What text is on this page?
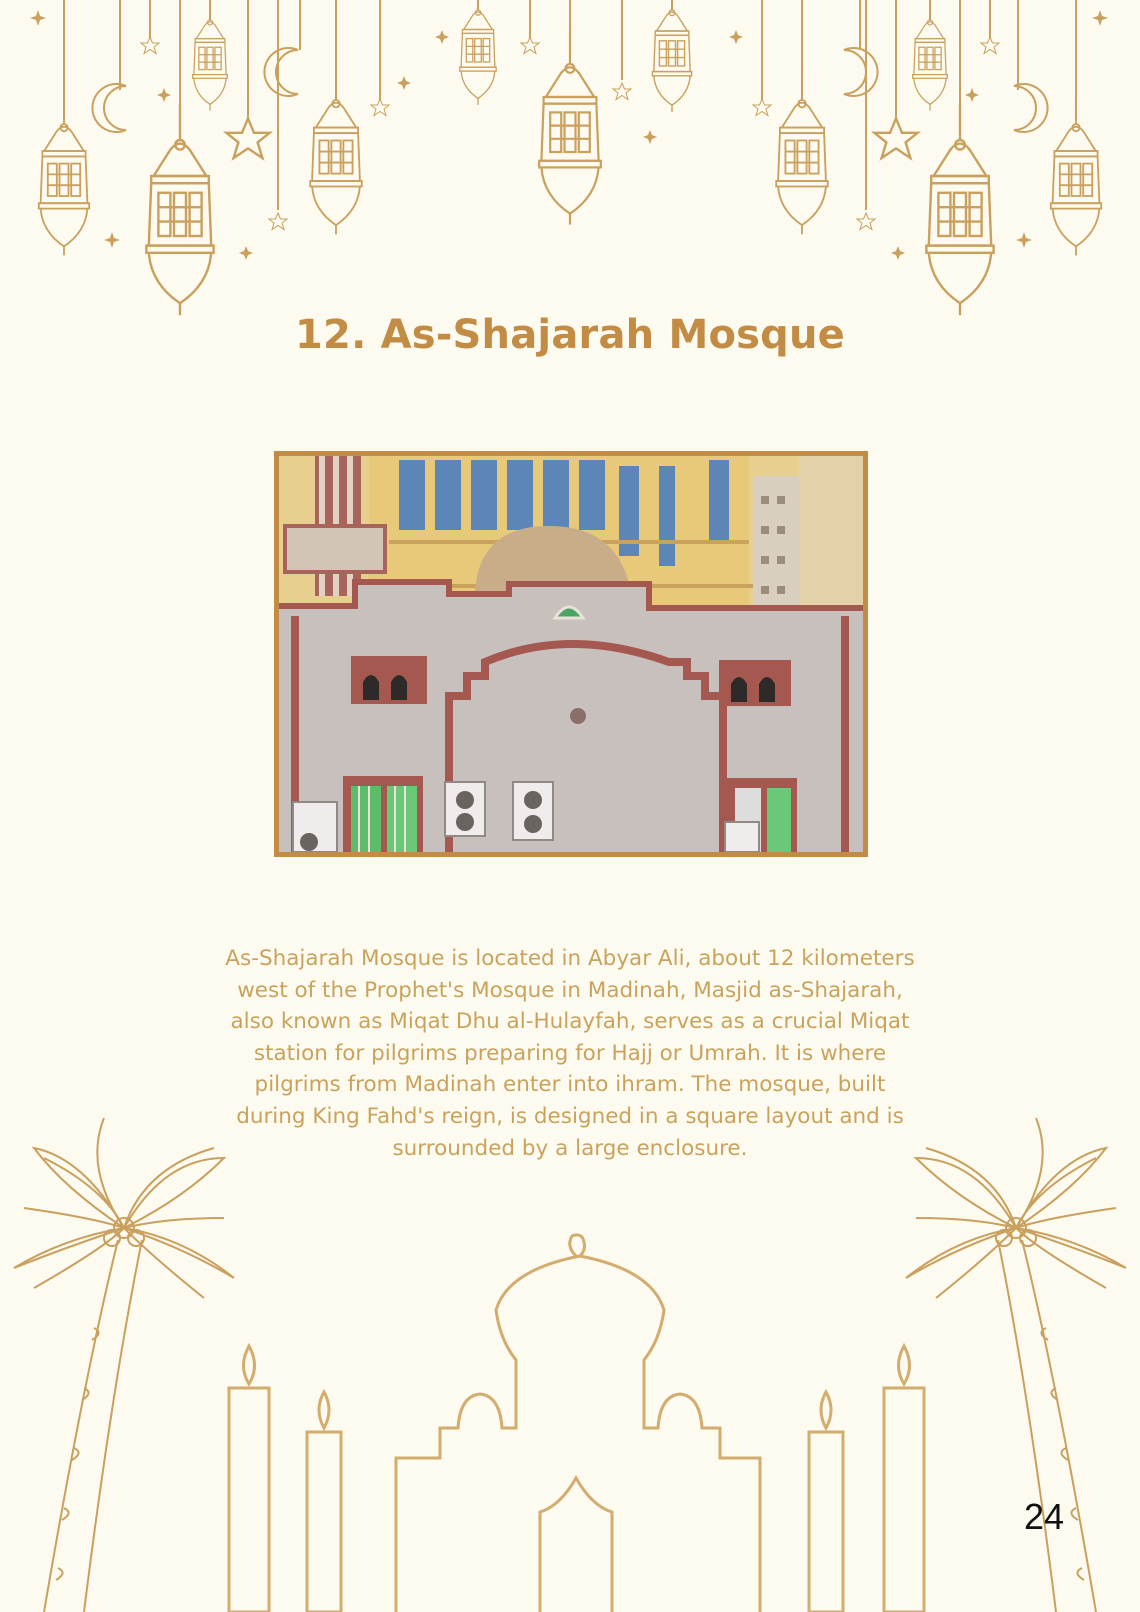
12. As-Shajarah Mosque
As-Shajarah Mosque is located in Abyar Ali, about 12 kilometers west of the Prophet's Mosque in Madinah, Masjid as-Shajarah, also known as Miqat Dhu al-Hulayfah, serves as a crucial Miqat station for pilgrims preparing for Hajj or Umrah. It is where pilgrims from Madinah enter into ihram. The mosque, built during King Fahd's reign, is designed in a square layout and is surrounded by a large enclosure.
24
